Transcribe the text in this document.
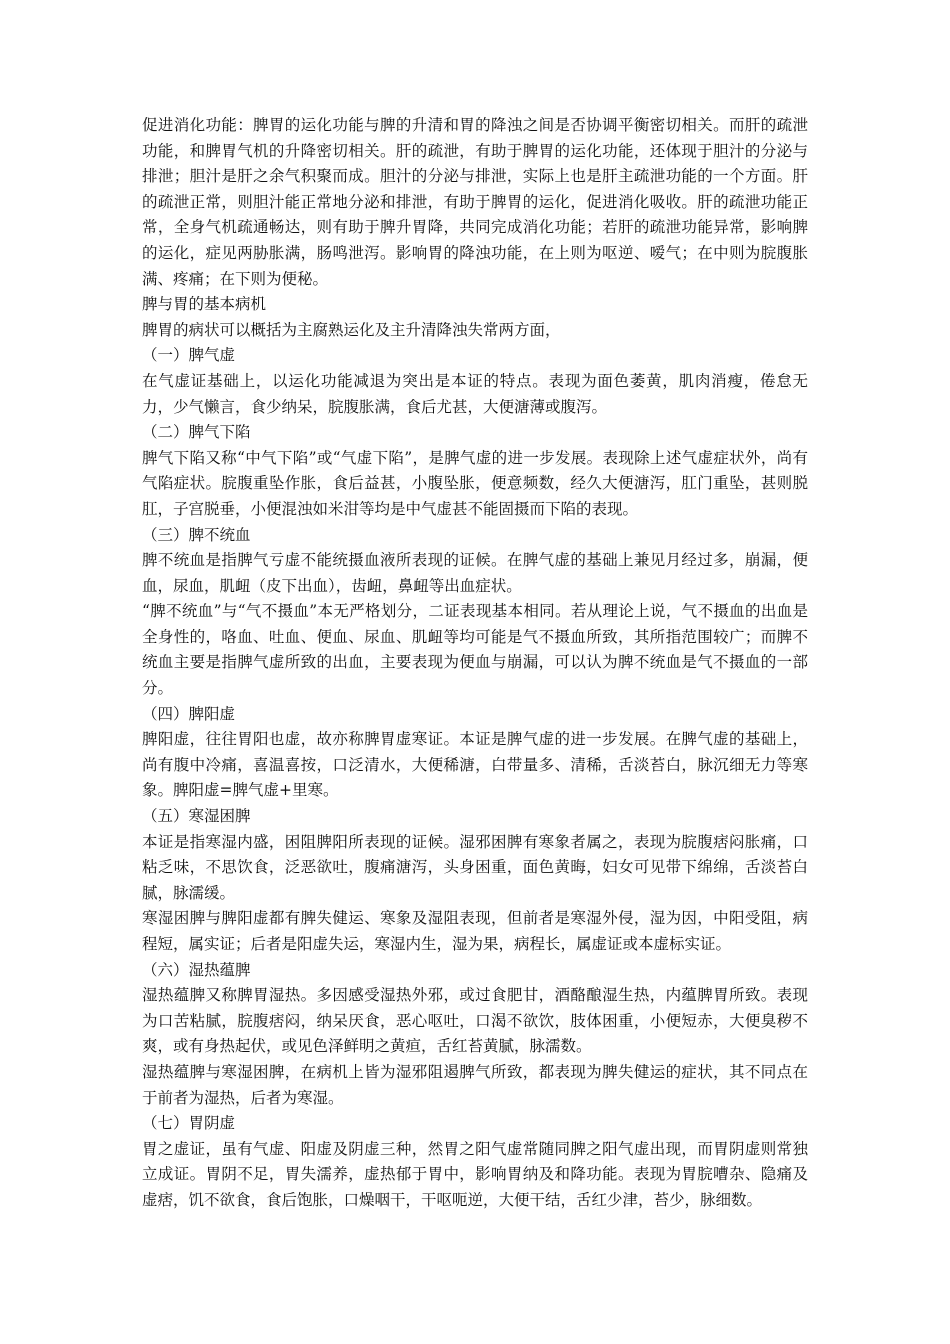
促进消化功能：脾胃的运化功能与脾的升清和胃的降浊之间是否协调平衡密切相关。而肝的疏泄功能，和脾胃气机的升降密切相关。肝的疏泄，有助于脾胃的运化功能，还体现于胆汁的分泌与排泄；胆汁是肝之余气积聚而成。胆汁的分泌与排泄，实际上也是肝主疏泄功能的一个方面。肝的疏泄正常，则胆汁能正常地分泌和排泄，有助于脾胃的运化，促进消化吸收。肝的疏泄功能正常，全身气机疏通畅达，则有助于脾升胃降，共同完成消化功能；若肝的疏泄功能异常，影响脾的运化，症见两胁胀满，肠鸣泄泻。影响胃的降浊功能，在上则为呕逆、嗳气；在中则为脘腹胀满、疼痛；在下则为便秘。

脾与胃的基本病机

脾胃的病状可以概括为主腐熟运化及主升清降浊失常两方面，

（一）脾气虚

在气虚证基础上，以运化功能减退为突出是本证的特点。表现为面色萎黄，肌肉消瘦，倦怠无力，少气懒言，食少纳呆，脘腹胀满，食后尤甚，大便溏薄或腹泻。

（二）脾气下陷

脾气下陷又称“中气下陷”或“气虚下陷”，是脾气虚的进一步发展。表现除上述气虚症状外，尚有气陷症状。脘腹重坠作胀，食后益甚，小腹坠胀，便意频数，经久大便溏泻，肛门重坠，甚则脱肛，子宫脱垂，小便混浊如米泔等均是中气虚甚不能固摄而下陷的表现。

（三）脾不统血

脾不统血是指脾气亏虚不能统摄血液所表现的证候。在脾气虚的基础上兼见月经过多，崩漏，便血，尿血，肌衄（皮下出血），齿衄，鼻衄等出血症状。

“脾不统血”与“气不摄血”本无严格划分，二证表现基本相同。若从理论上说，气不摄血的出血是全身性的，咯血、吐血、便血、尿血、肌衄等均可能是气不摄血所致，其所指范围较广；而脾不统血主要是指脾气虚所致的出血，主要表现为便血与崩漏，可以认为脾不统血是气不摄血的一部分。

（四）脾阳虚

脾阳虚，往往胃阳也虚，故亦称脾胃虚寒证。本证是脾气虚的进一步发展。在脾气虚的基础上，尚有腹中冷痛，喜温喜按，口泛清水，大便稀溏，白带量多、清稀，舌淡苔白，脉沉细无力等寒象。脾阳虚=脾气虚+里寒。

（五）寒湿困脾

本证是指寒湿内盛，困阻脾阳所表现的证候。湿邪困脾有寒象者属之，表现为脘腹痞闷胀痛，口粘乏味，不思饮食，泛恶欲吐，腹痛溏泻，头身困重，面色黄晦，妇女可见带下绵绵，舌淡苔白腻，脉濡缓。

寒湿困脾与脾阳虚都有脾失健运、寒象及湿阻表现，但前者是寒湿外侵，湿为因，中阳受阻，病程短，属实证；后者是阳虚失运，寒湿内生，湿为果，病程长，属虚证或本虚标实证。

（六）湿热蕴脾

湿热蕴脾又称脾胃湿热。多因感受湿热外邪，或过食肥甘，酒酪酿湿生热，内蕴脾胃所致。表现为口苦粘腻，脘腹痞闷，纳呆厌食，恶心呕吐，口渴不欲饮，肢体困重，小便短赤，大便臭秽不爽，或有身热起伏，或见色泽鲜明之黄疸，舌红苔黄腻，脉濡数。

湿热蕴脾与寒湿困脾，在病机上皆为湿邪阻遏脾气所致，都表现为脾失健运的症状，其不同点在于前者为湿热，后者为寒湿。

（七）胃阴虚

胃之虚证，虽有气虚、阳虚及阴虚三种，然胃之阳气虚常随同脾之阳气虚出现，而胃阴虚则常独立成证。胃阴不足，胃失濡养，虚热郁于胃中，影响胃纳及和降功能。表现为胃脘嘈杂、隐痛及虚痞，饥不欲食，食后饱胀，口燥咽干，干呕呃逆，大便干结，舌红少津，苔少，脉细数。
